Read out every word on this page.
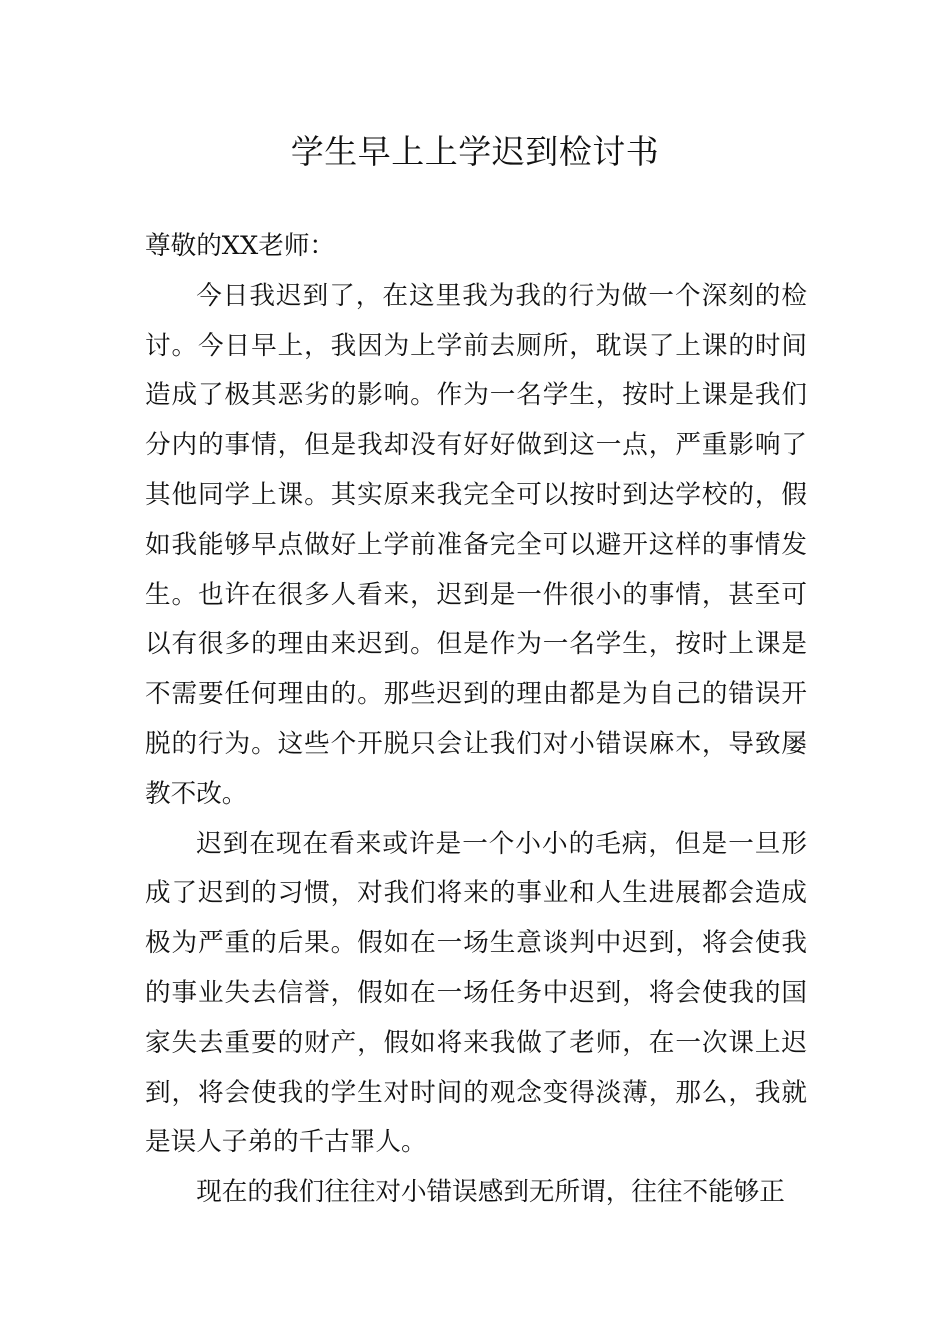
学生早上上学迟到检讨书

尊敬的XX老师：

今日我迟到了，在这里我为我的行为做一个深刻的检讨。今日早上，我因为上学前去厕所，耽误了上课的时间造成了极其恶劣的影响。作为一名学生，按时上课是我们分内的事情，但是我却没有好好做到这一点，严重影响了其他同学上课。其实原来我完全可以按时到达学校的，假如我能够早点做好上学前准备完全可以避开这样的事情发生。也许在很多人看来，迟到是一件很小的事情，甚至可以有很多的理由来迟到。但是作为一名学生，按时上课是不需要任何理由的。那些迟到的理由都是为自己的错误开脱的行为。这些个开脱只会让我们对小错误麻木，导致屡教不改。

迟到在现在看来或许是一个小小的毛病，但是一旦形成了迟到的习惯，对我们将来的事业和人生进展都会造成极为严重的后果。假如在一场生意谈判中迟到，将会使我的事业失去信誉，假如在一场任务中迟到，将会使我的国家失去重要的财产，假如将来我做了老师，在一次课上迟到，将会使我的学生对时间的观念变得淡薄，那么，我就是误人子弟的千古罪人。

现在的我们往往对小错误感到无所谓，往往不能够正
